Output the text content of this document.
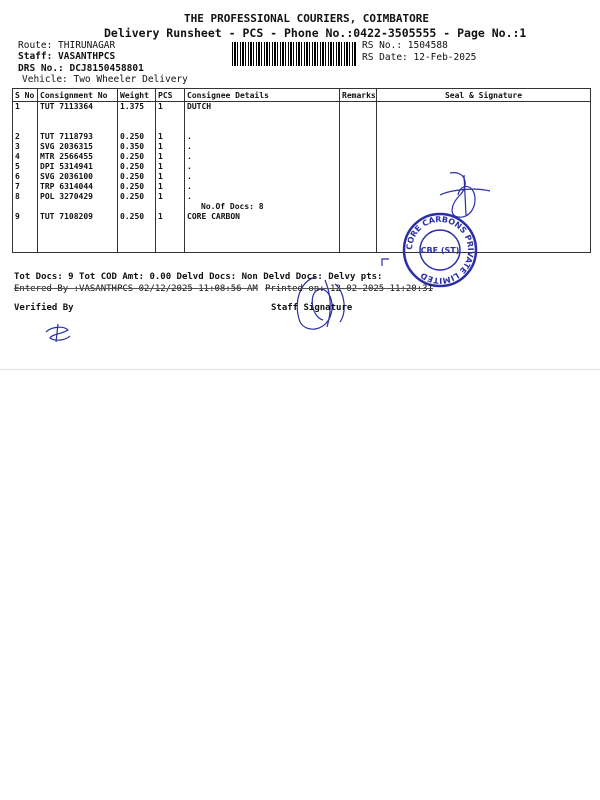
THE PROFESSIONAL COURIERS, COIMBATORE
Delivery Runsheet - PCS - Phone No.:0422-3505555 - Page No.:1
Route: THIRUNAGAR
Staff: VASANTHPCS
DRS No.: DCJ8150458801
Vehicle: Two Wheeler Delivery
RS No.: 1504588
RS Date: 12-Feb-2025
S No	Consignment No	Weight	PCS	Consignee Details	Remarks	Seal & Signature
1	TUT 7113364	1.375	1	DUTCH		

2	TUT 7118793	0.250	1	.		
3	SVG 2036315	0.350	1	.		
4	MTR 2566455	0.250	1	.		
5	DPI 5314941	0.250	1	.		
6	SVG 2036100	0.250	1	.		
7	TRP 6314044	0.250	1	.		
8	POL 3270429	0.250	1	.		
				No.Of Docs: 8		
9	TUT 7108209	0.250	1	CORE CARBON		

CORE CARBONS PRIVATE LIMITED
CBE (ST)
Tot Docs: 9 Tot COD Amt: 0.00 Delvd Docs: Non Delvd Docs: Delvy pts:
Entered By :VASANTHPCS 02/12/2025 11:08:56 AM Printed on: 12-02-2025 11:20:31
Verified By	Staff Signature
